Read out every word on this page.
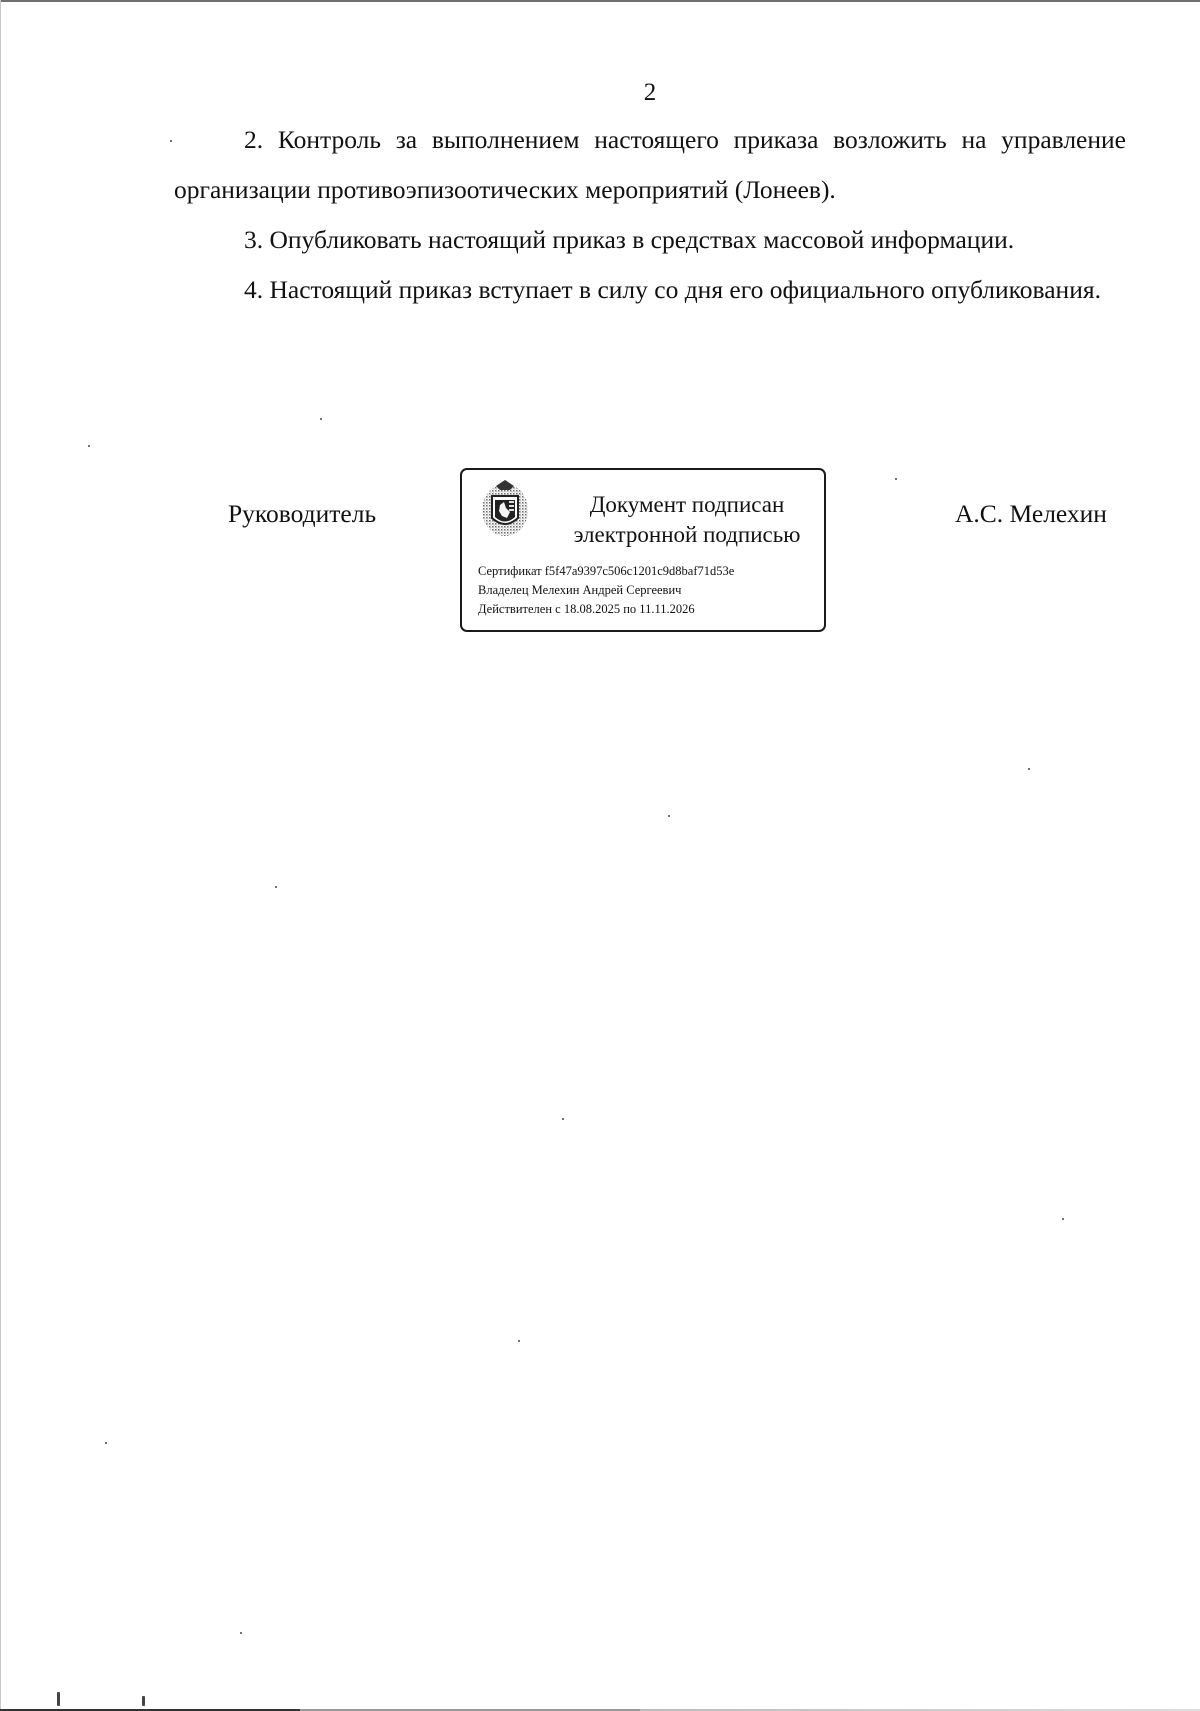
2

2. Контроль за выполнением настоящего приказа возложить на управление организации противоэпизоотических мероприятий (Лонеев).

3. Опубликовать настоящий приказ в средствах массовой информации.

4. Настоящий приказ вступает в силу со дня его официального опубликования.

Руководитель	Документ подписан
электронной подписью
Сертификат f5f47a9397c506c1201c9d8baf71d53e
Владелец Мелехин Андрей Сергеевич
Действителен с 18.08.2025 по 11.11.2026
А.С. Мелехин
